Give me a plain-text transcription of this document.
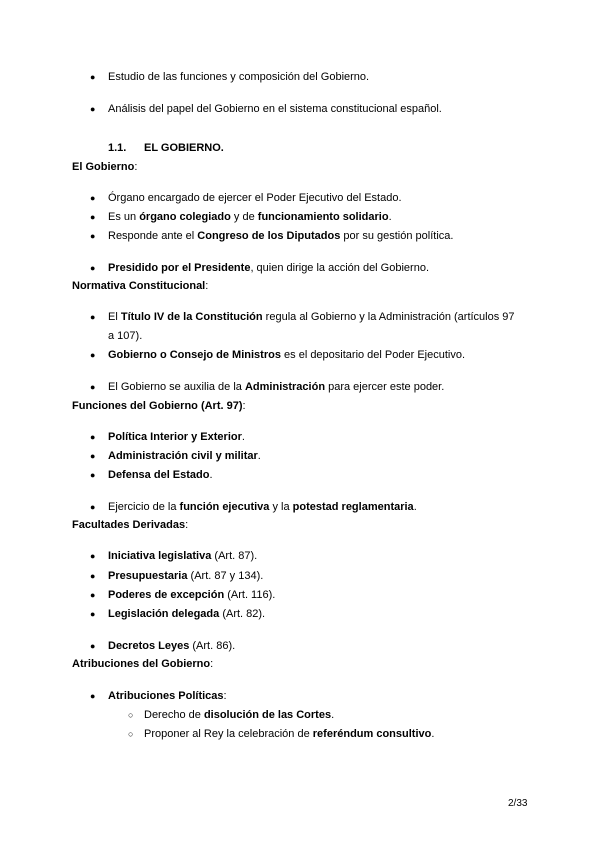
● Estudio de las funciones y composición del Gobierno.
● Análisis del papel del Gobierno en el sistema constitucional español.
1.1. EL GOBIERNO.
El Gobierno:
● Órgano encargado de ejercer el Poder Ejecutivo del Estado.
● Es un órgano colegiado y de funcionamiento solidario.
● Responde ante el Congreso de los Diputados por su gestión política.
● Presidido por el Presidente, quien dirige la acción del Gobierno.
Normativa Constitucional:
● El Título IV de la Constitución regula al Gobierno y la Administración (artículos 97
a 107).
● Gobierno o Consejo de Ministros es el depositario del Poder Ejecutivo.
● El Gobierno se auxilia de la Administración para ejercer este poder.
Funciones del Gobierno (Art. 97):
● Política Interior y Exterior.
● Administración civil y militar.
● Defensa del Estado.
● Ejercicio de la función ejecutiva y la potestad reglamentaria.
Facultades Derivadas:
● Iniciativa legislativa (Art. 87).
● Presupuestaria (Art. 87 y 134).
● Poderes de excepción (Art. 116).
● Legislación delegada (Art. 82).
● Decretos Leyes (Art. 86).
Atribuciones del Gobierno:
● Atribuciones Políticas:
○ Derecho de disolución de las Cortes.
○ Proponer al Rey la celebración de referéndum consultivo.
2/33
